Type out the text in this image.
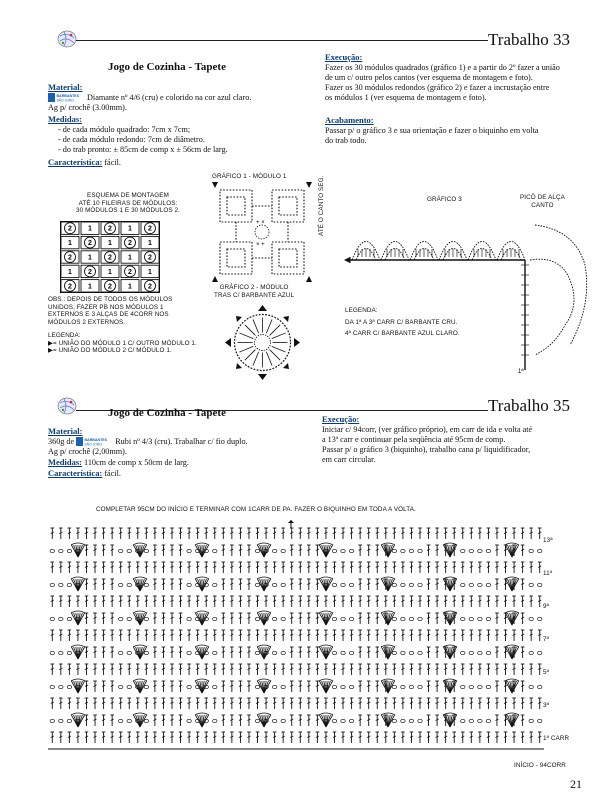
Trabalho 33
Jogo de Cozinha - Tapete
Material:
BARBANTES
SÃO JOÃO Diamante nº 4/6 (cru) e colorido na cor azul claro.
Ag p/ crochê (3.00mm).
Medidas:
- de cada módulo quadrado: 7cm x 7cm;
- de cada módulo redondo: 7cm de diâmetro.
- do trab pronto: ± 85cm de comp x ± 56cm de larg.
Característica: fácil.
Execução:
Fazer os 30 módulos quadrados (gráfico 1) e a partir do 2º fazer a união
de um c/ outro pelos cantos (ver esquema de montagem e foto).
Fazer os 30 módulos redondos (gráfico 2) e fazer a incrustação entre
os módulos 1 (ver esquema de montagem e foto).
Acabamento:
Passar p/ o gráfico 3 e sua orientação e fazer o biquinho em volta
do trab todo.
ESQUEMA DE MONTAGEM
ATÉ 10 FILEIRAS DE MÓDULOS:
30 MÓDULOS 1 E 30 MÓDULOS 2.
2 1 2 1 2
1 2 1 2 1
2 1 2 1 2
1 2 1 2 1
2 1 2 1 2
OBS.: DEPOIS DE TODOS OS MÓDULOS
UNIDOS, FAZER PB NOS MÓDULOS 1
EXTERNOS E 3 ALÇAS DE 4CORR NOS
MÓDULOS 2 EXTERNOS.
LEGENDA:
▶= UNIÃO DO MÓDULO 1 C/ OUTRO MÓDULO 1.
▶= UNIÃO DO MÓDULO 2 C/ MÓDULO 1.
GRÁFICO 1 - MÓDULO 1
+ ×
× +
GRÁFICO 2 - MÓDULO
TRAS C/ BARBANTE AZUL
GRÁFICO 3	PICÔ DE ALÇA
CANTO
ATÉ O CANTO SEG.
1ª
LEGENDA:
DA 1ª A 3ª CARR C/ BARBANTE CRU.
4ª CARR C/ BARBANTE AZUL CLARO.
Trabalho 35
Jogo de Cozinha - Tapete
Material:
360g de	BARBANTES
SÃO JOÃO Rubi nº 4/3 (cru). Trabalhar c/ fio duplo.
Ag p/ crochê (2,00mm).
Medidas: 110cm de comp x 50cm de larg.
Característica: fácil.
Execução:
Iniciar c/ 94corr, (ver gráfico próprio), em carr de ida e volta até
a 13ª carr e continuar pela seqüência até 95cm de comp.
Passar p/ o gráfico 3 (biquinho), trabalho cana p/ liquidificador,
em carr circular.
COMPLETAR 95CM DO INÍCIO E TERMINAR COM 1CARR DE PA. FAZER O BIQUINHO EM TODA A VOLTA.
13ª
11ª
9ª
7ª
5ª
3ª
1ª CARR
INÍCIO - 94CORR
21
